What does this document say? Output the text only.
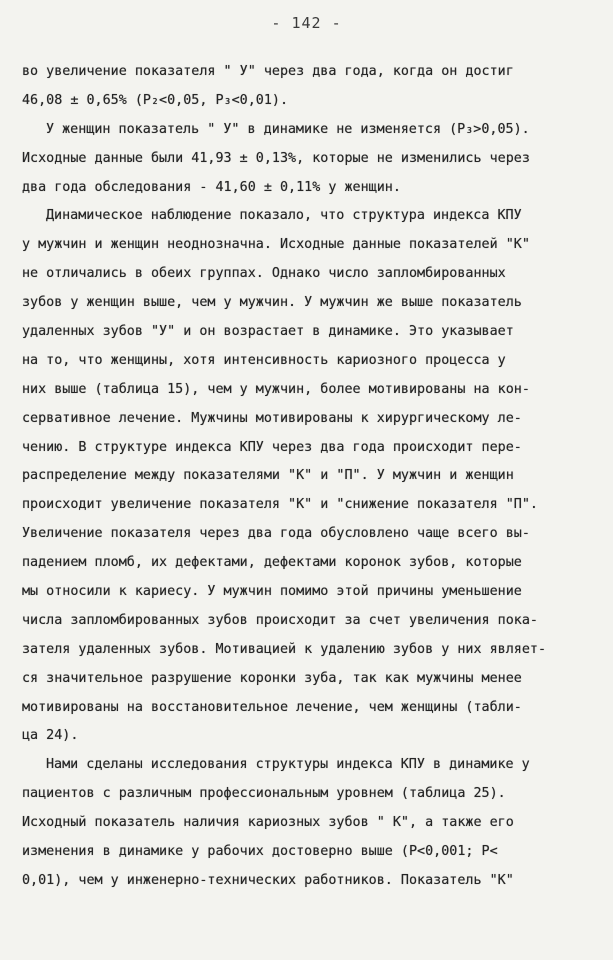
- 142 -
во увеличение показателя " У" через два года, когда он достиг
46,08 ± 0,65% (P₂<0,05, P₃<0,01).
У женщин показатель " У" в динамике не изменяется (P₃>0,05).
Исходные данные были 41,93 ± 0,13%, которые не изменились через
два года обследования - 41,60 ± 0,11% у женщин.
Динамическое наблюдение показало, что структура индекса КПУ
у мужчин и женщин неоднозначна. Исходные данные показателей "К"
не отличались в обеих группах. Однако число запломбированных
зубов у женщин выше, чем у мужчин. У мужчин же выше показатель
удаленных зубов "У" и он возрастает в динамике. Это указывает
на то, что женщины, хотя интенсивность кариозного процесса у
них выше (таблица 15), чем у мужчин, более мотивированы на кон-
сервативное лечение. Мужчины мотивированы к хирургическому ле-
чению. В структуре индекса КПУ через два года происходит пере-
распределение между показателями "К" и "П". У мужчин и женщин
происходит увеличение показателя "К" и "снижение показателя "П".
Увеличение показателя через два года обусловлено чаще всего вы-
падением пломб, их дефектами, дефектами коронок зубов, которые
мы относили к кариесу. У мужчин помимо этой причины уменьшение
числа запломбированных зубов происходит за счет увеличения пока-
зателя удаленных зубов. Мотивацией к удалению зубов у них являет-
ся значительное разрушение коронки зуба, так как мужчины менее
мотивированы на восстановительное лечение, чем женщины (табли-
ца 24).
Нами сделаны исследования структуры индекса КПУ в динамике у
пациентов с различным профессиональным уровнем (таблица 25).
Исходный показатель наличия кариозных зубов " К", а также его
изменения в динамике у рабочих достоверно выше (P<0,001; P<
0,01), чем у инженерно-технических работников. Показатель "К"
